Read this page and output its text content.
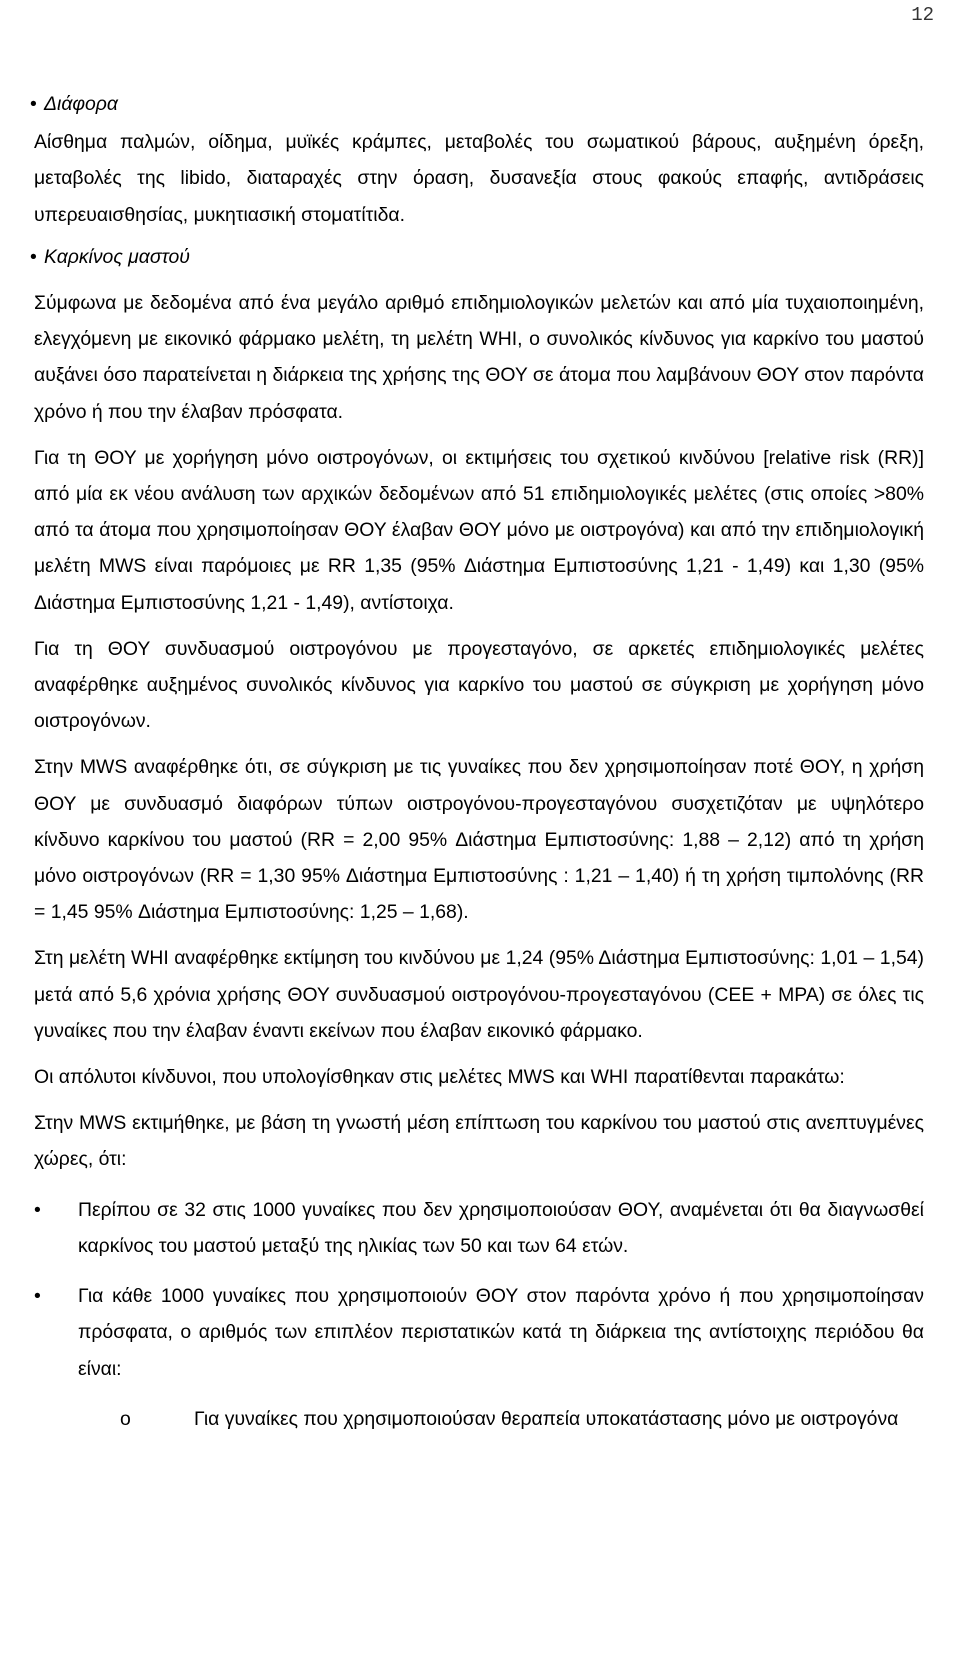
12
• Διάφορα
Αίσθημα παλμών, οίδημα, μυϊκές κράμπες, μεταβολές του σωματικού βάρους, αυξημένη όρεξη, μεταβολές της libido, διαταραχές στην όραση, δυσανεξία στους φακούς επαφής, αντιδράσεις υπερευαισθησίας, μυκητιασική στοματίτιδα.
• Καρκίνος μαστού
Σύμφωνα με δεδομένα από ένα μεγάλο αριθμό επιδημιολογικών μελετών και από μία τυχαιοποιημένη, ελεγχόμενη με εικονικό φάρμακο μελέτη, τη μελέτη WHI, ο συνολικός κίνδυνος για καρκίνο του μαστού αυξάνει όσο παρατείνεται η διάρκεια της χρήσης της ΘΟΥ σε άτομα που λαμβάνουν ΘΟΥ στον παρόντα χρόνο ή που την έλαβαν πρόσφατα.
Για τη ΘΟΥ με χορήγηση μόνο οιστρογόνων, οι εκτιμήσεις του σχετικού κινδύνου [relative risk (RR)] από μία εκ νέου ανάλυση των αρχικών δεδομένων από 51 επιδημιολογικές μελέτες (στις οποίες >80% από τα άτομα που χρησιμοποίησαν ΘΟΥ έλαβαν ΘΟΥ μόνο με οιστρογόνα) και από την επιδημιολογική μελέτη MWS είναι παρόμοιες με RR 1,35 (95% Διάστημα Εμπιστοσύνης 1,21 - 1,49) και 1,30 (95% Διάστημα Εμπιστοσύνης 1,21 - 1,49), αντίστοιχα.
Για τη ΘΟΥ συνδυασμού οιστρογόνου με προγεσταγόνο, σε αρκετές επιδημιολογικές μελέτες αναφέρθηκε αυξημένος συνολικός κίνδυνος για καρκίνο του μαστού σε σύγκριση με χορήγηση μόνο οιστρογόνων.
Στην MWS αναφέρθηκε ότι, σε σύγκριση με τις γυναίκες που δεν χρησιμοποίησαν ποτέ ΘΟΥ, η χρήση ΘΟΥ με συνδυασμό διαφόρων τύπων οιστρογόνου-προγεσταγόνου συσχετιζόταν με υψηλότερο κίνδυνο καρκίνου του μαστού (RR = 2,00 95% Διάστημα Εμπιστοσύνης: 1,88 – 2,12) από τη χρήση μόνο οιστρογόνων (RR = 1,30 95% Διάστημα Εμπιστοσύνης : 1,21 – 1,40) ή τη χρήση τιμπολόνης (RR = 1,45 95% Διάστημα Εμπιστοσύνης: 1,25 – 1,68).
Στη μελέτη WHI αναφέρθηκε εκτίμηση του κινδύνου με 1,24 (95% Διάστημα Εμπιστοσύνης: 1,01 – 1,54) μετά από 5,6 χρόνια χρήσης ΘΟΥ συνδυασμού οιστρογόνου-προγεσταγόνου (CEE + MPA) σε όλες τις γυναίκες που την έλαβαν έναντι εκείνων που έλαβαν εικονικό φάρμακο.
Οι απόλυτοι κίνδυνοι, που υπολογίσθηκαν στις μελέτες MWS και WHI παρατίθενται παρακάτω:
Στην MWS εκτιμήθηκε, με βάση τη γνωστή μέση επίπτωση του καρκίνου του μαστού στις ανεπτυγμένες χώρες, ότι:
• Περίπου σε 32 στις 1000 γυναίκες που δεν χρησιμοποιούσαν ΘΟΥ, αναμένεται ότι θα διαγνωσθεί καρκίνος του μαστού μεταξύ της ηλικίας των 50 και των 64 ετών.
• Για κάθε 1000 γυναίκες που χρησιμοποιούν ΘΟΥ στον παρόντα χρόνο ή που χρησιμοποίησαν πρόσφατα, ο αριθμός των επιπλέον περιστατικών κατά τη διάρκεια της αντίστοιχης περιόδου θα είναι:
o	Για γυναίκες που χρησιμοποιούσαν θεραπεία υποκατάστασης μόνο με οιστρογόνα
